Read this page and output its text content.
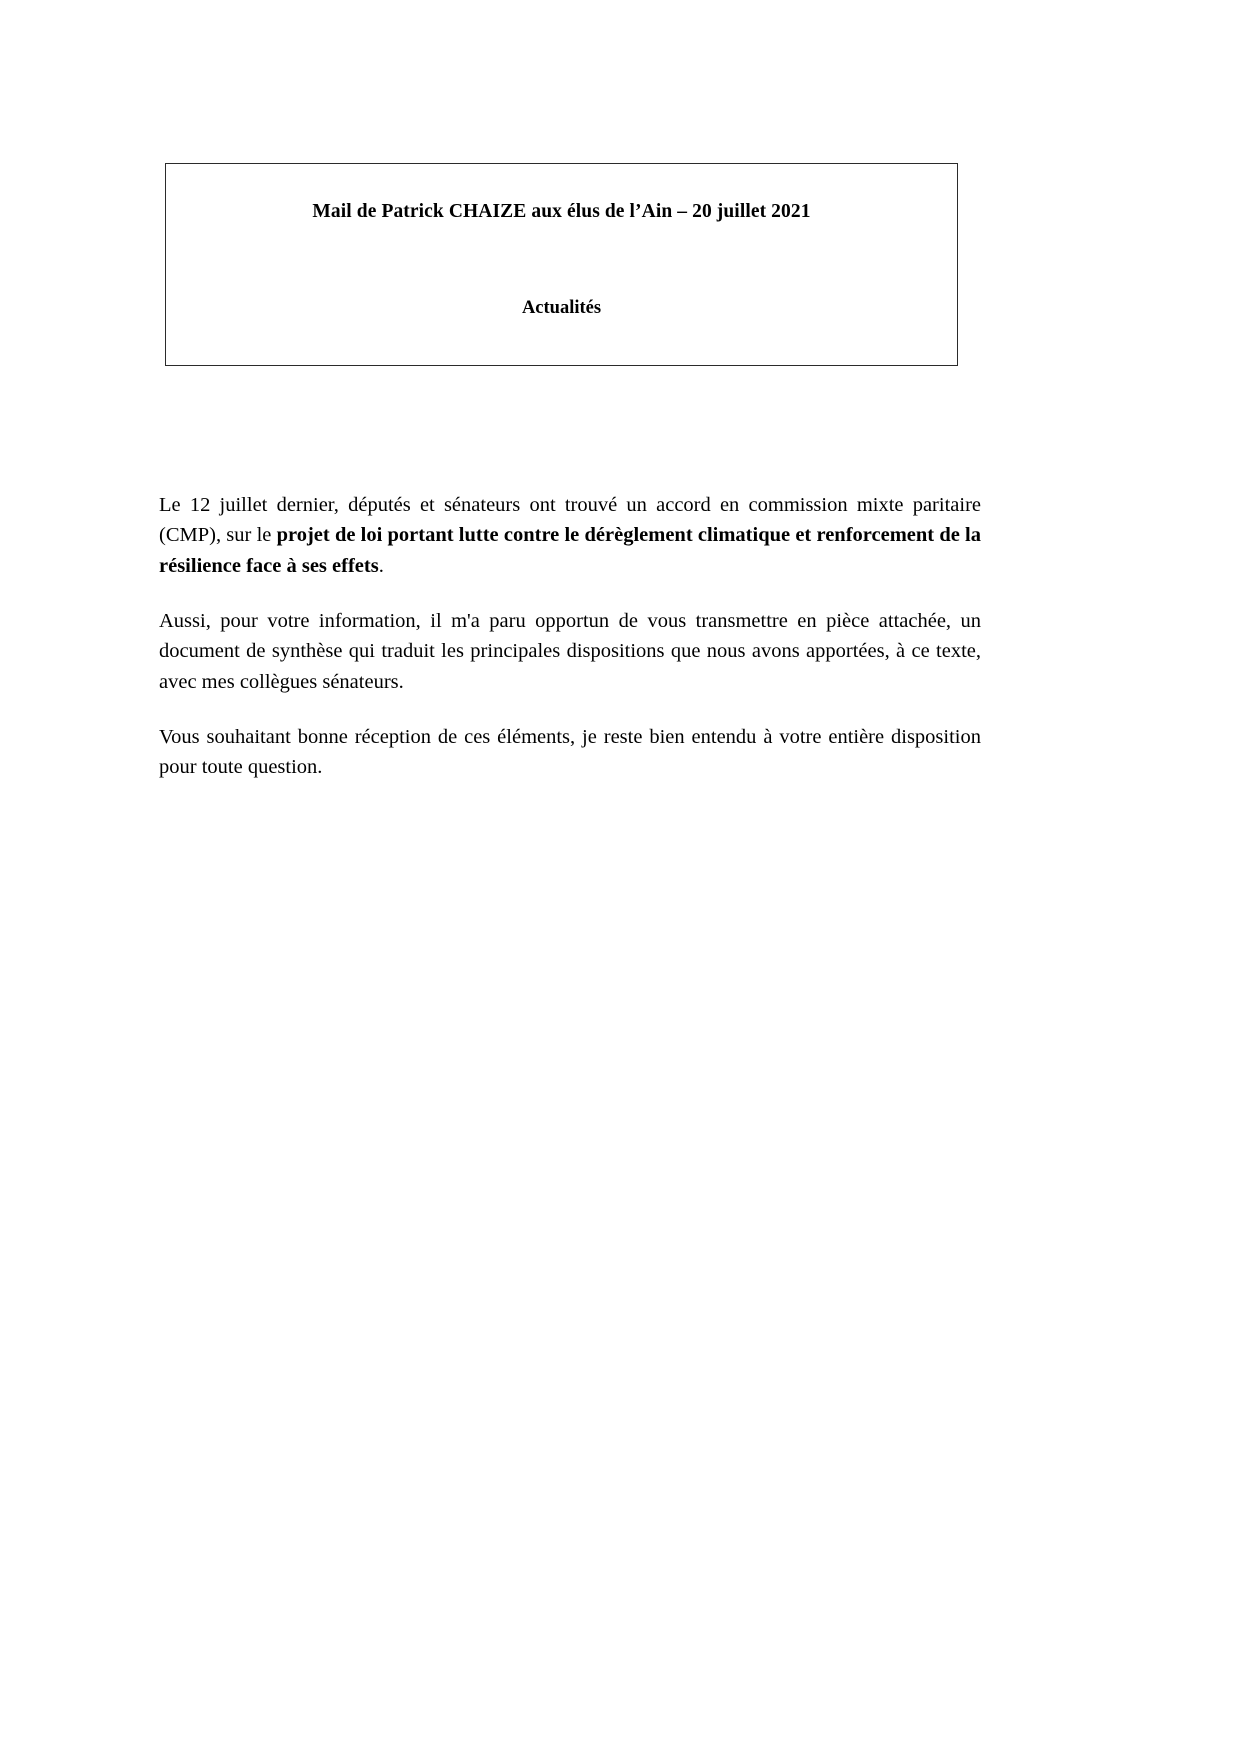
Mail de Patrick CHAIZE aux élus de l’Ain – 20 juillet 2021
Actualités

Le 12 juillet dernier, députés et sénateurs ont trouvé un accord en commission mixte paritaire (CMP), sur le projet de loi portant lutte contre le dérèglement climatique et renforcement de la résilience face à ses effets.

Aussi, pour votre information, il m'a paru opportun de vous transmettre en pièce attachée, un document de synthèse qui traduit les principales dispositions que nous avons apportées, à ce texte, avec mes collègues sénateurs.

Vous souhaitant bonne réception de ces éléments, je reste bien entendu à votre entière disposition pour toute question.
